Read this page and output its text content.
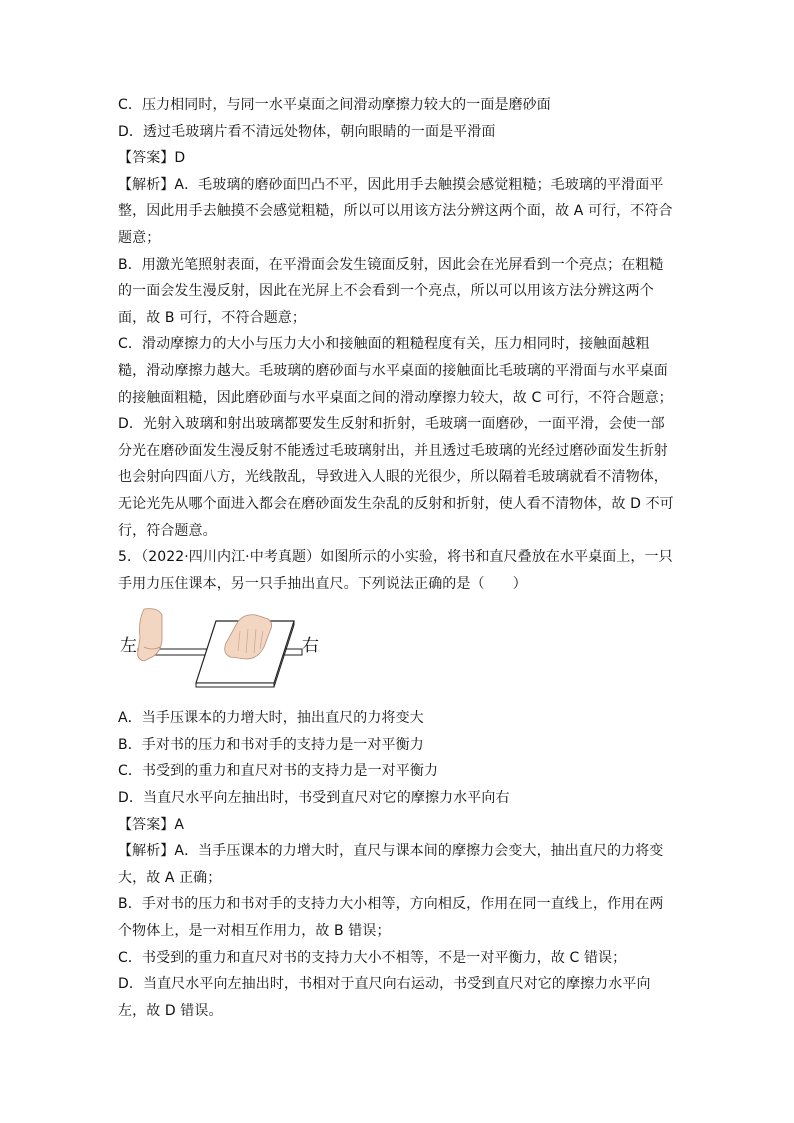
C．压力相同时，与同一水平桌面之间滑动摩擦力较大的一面是磨砂面
D．透过毛玻璃片看不清远处物体，朝向眼睛的一面是平滑面
【答案】D
【解析】A．毛玻璃的磨砂面凹凸不平，因此用手去触摸会感觉粗糙；毛玻璃的平滑面平
整，因此用手去触摸不会感觉粗糙，所以可以用该方法分辨这两个面，故 A 可行，不符合
题意；
B．用激光笔照射表面，在平滑面会发生镜面反射，因此会在光屏看到一个亮点；在粗糙
的一面会发生漫反射，因此在光屏上不会看到一个亮点，所以可以用该方法分辨这两个
面，故 B 可行，不符合题意；
C．滑动摩擦力的大小与压力大小和接触面的粗糙程度有关，压力相同时，接触面越粗
糙，滑动摩擦力越大。毛玻璃的磨砂面与水平桌面的接触面比毛玻璃的平滑面与水平桌面
的接触面粗糙，因此磨砂面与水平桌面之间的滑动摩擦力较大，故 C 可行，不符合题意；
D．光射入玻璃和射出玻璃都要发生反射和折射，毛玻璃一面磨砂，一面平滑，会使一部
分光在磨砂面发生漫反射不能透过毛玻璃射出，并且透过毛玻璃的光经过磨砂面发生折射
也会射向四面八方，光线散乱，导致进入人眼的光很少，所以隔着毛玻璃就看不清物体，
无论光先从哪个面进入都会在磨砂面发生杂乱的反射和折射，使人看不清物体，故 D 不可
行，符合题意。
5．（2022·四川内江·中考真题）如图所示的小实验，将书和直尺叠放在水平桌面上，一只
手用力压住课本，另一只手抽出直尺。下列说法正确的是（　　）
左	右
A．当手压课本的力增大时，抽出直尺的力将变大
B．手对书的压力和书对手的支持力是一对平衡力
C．书受到的重力和直尺对书的支持力是一对平衡力
D．当直尺水平向左抽出时，书受到直尺对它的摩擦力水平向右
【答案】A
【解析】A．当手压课本的力增大时，直尺与课本间的摩擦力会变大，抽出直尺的力将变
大，故 A 正确；
B．手对书的压力和书对手的支持力大小相等，方向相反，作用在同一直线上，作用在两
个物体上，是一对相互作用力，故 B 错误；
C．书受到的重力和直尺对书的支持力大小不相等，不是一对平衡力，故 C 错误；
D．当直尺水平向左抽出时，书相对于直尺向右运动，书受到直尺对它的摩擦力水平向
左，故 D 错误。
